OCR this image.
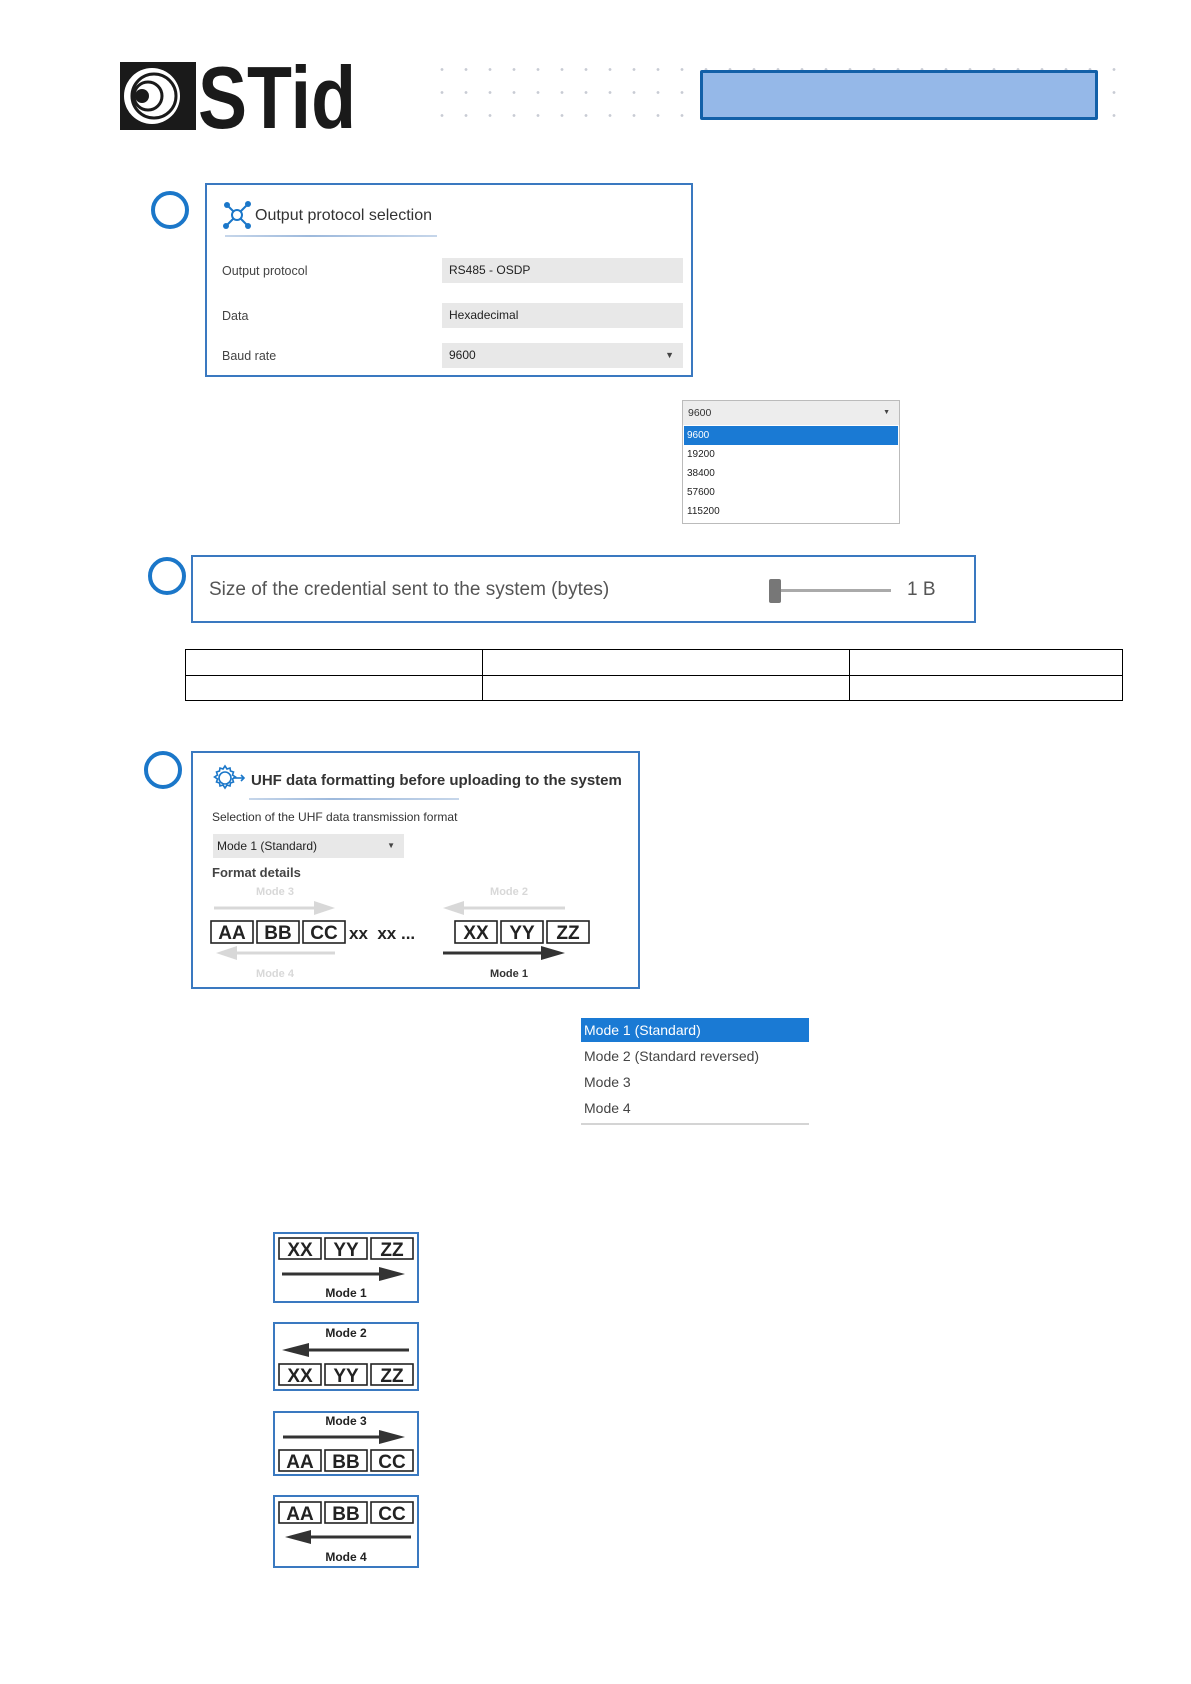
STid
Output protocol selection
Output protocol	RS485 - OSDP
Data	Hexadecimal
Baud rate	9600	▼
9600	▼
9600
19200
38400
57600
115200
Size of the credential sent to the system (bytes)	1 B

UHF data formatting before uploading to the system
Selection of the UHF data transmission format
Mode 1 (Standard)	▼
Format details
Mode 3	Mode 2
AA BB CC xx  xx ...	XX YY ZZ
Mode 4	Mode 1
Mode 1 (Standard)
Mode 2 (Standard reversed)
Mode 3
Mode 4
XX YY ZZ
Mode 1
Mode 2
XX YY ZZ
Mode 3
AA BB CC
AA BB CC
Mode 4
